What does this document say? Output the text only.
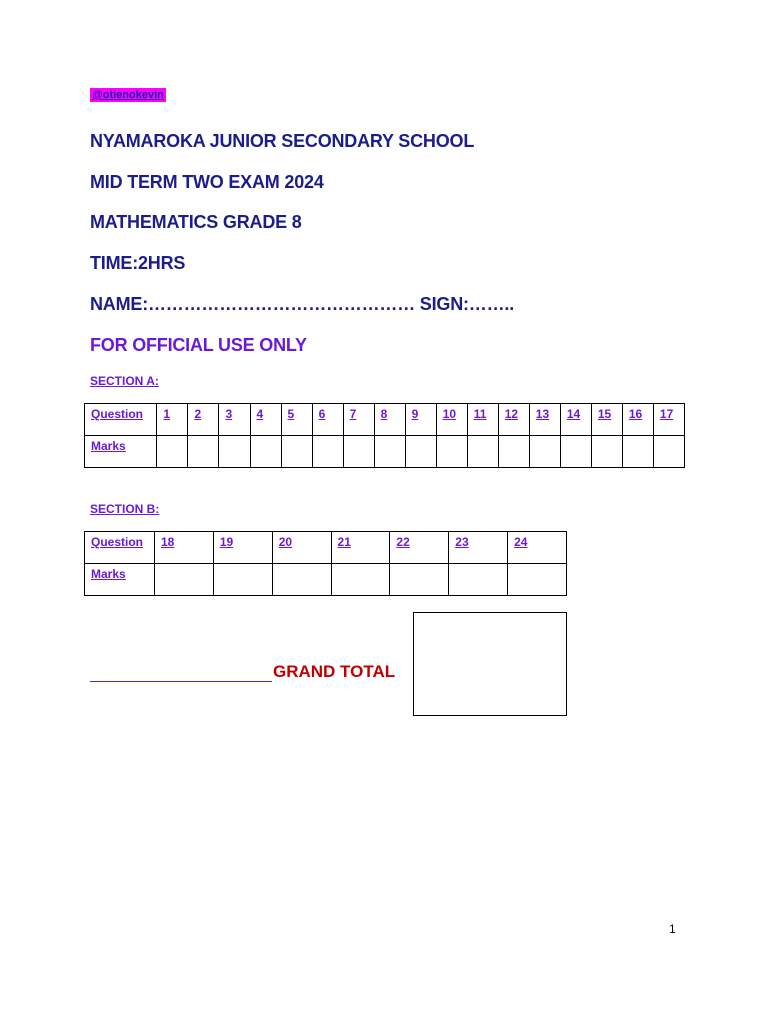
@otienokevin
NYAMAROKA JUNIOR SECONDARY SCHOOL
MID TERM TWO EXAM 2024
MATHEMATICS GRADE 8
TIME:2HRS
NAME:……………………………………… SIGN:……..
FOR OFFICIAL USE ONLY
SECTION A:
Question	1	2	3	4	5	6	7	8	9	10	11	12	13	14	15	16	17
Marks																	
SECTION B:
Question	18	19	20	21	22	23	24
Marks							
GRAND TOTAL
1
